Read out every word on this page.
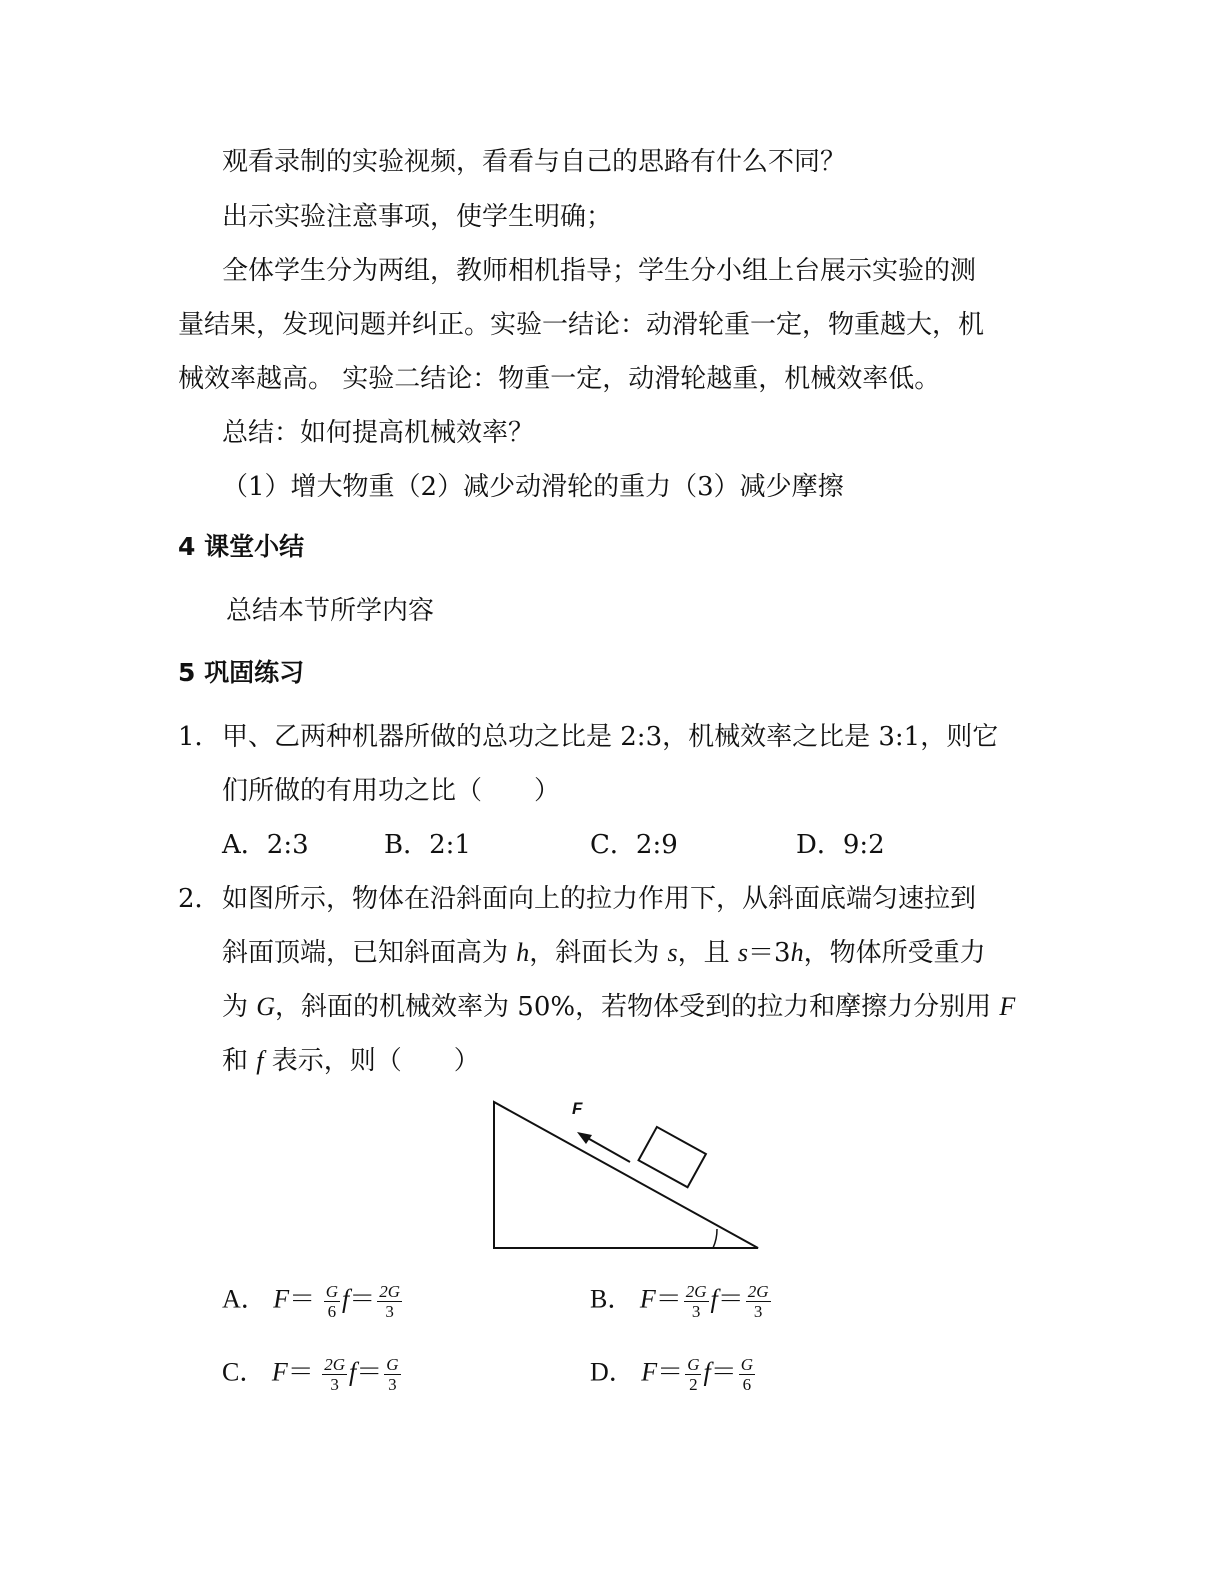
观看录制的实验视频，看看与自己的思路有什么不同？
出示实验注意事项，使学生明确；
全体学生分为两组，教师相机指导；学生分小组上台展示实验的测
量结果，发现问题并纠正。实验一结论：动滑轮重一定，物重越大，机
械效率越高。 实验二结论：物重一定，动滑轮越重，机械效率低。
总结：如何提高机械效率？
（1）增大物重（2）减少动滑轮的重力（3）减少摩擦
4 课堂小结
总结本节所学内容
5 巩固练习
1． 甲、乙两种机器所做的总功之比是 2:3，机械效率之比是 3:1，则它
们所做的有用功之比（　　）
A．2:3	B．2:1	C．2:9	D．9:2
2． 如图所示，物体在沿斜面向上的拉力作用下，从斜面底端匀速拉到
斜面顶端，已知斜面高为 h，斜面长为 s，且 s＝3h，物体所受重力
为 G，斜面的机械效率为 50%，若物体受到的拉力和摩擦力分别用 F
和 f 表示，则（　　）
F
A． $F= \frac{G}{6} f= \frac{2G}{3}$	B． $F= \frac{2G}{3} f= \frac{2G}{3}$
C． $F= \frac{2G}{3} f= \frac{G}{3}$	D． $F= \frac{G}{2} f= \frac{G}{6}$
